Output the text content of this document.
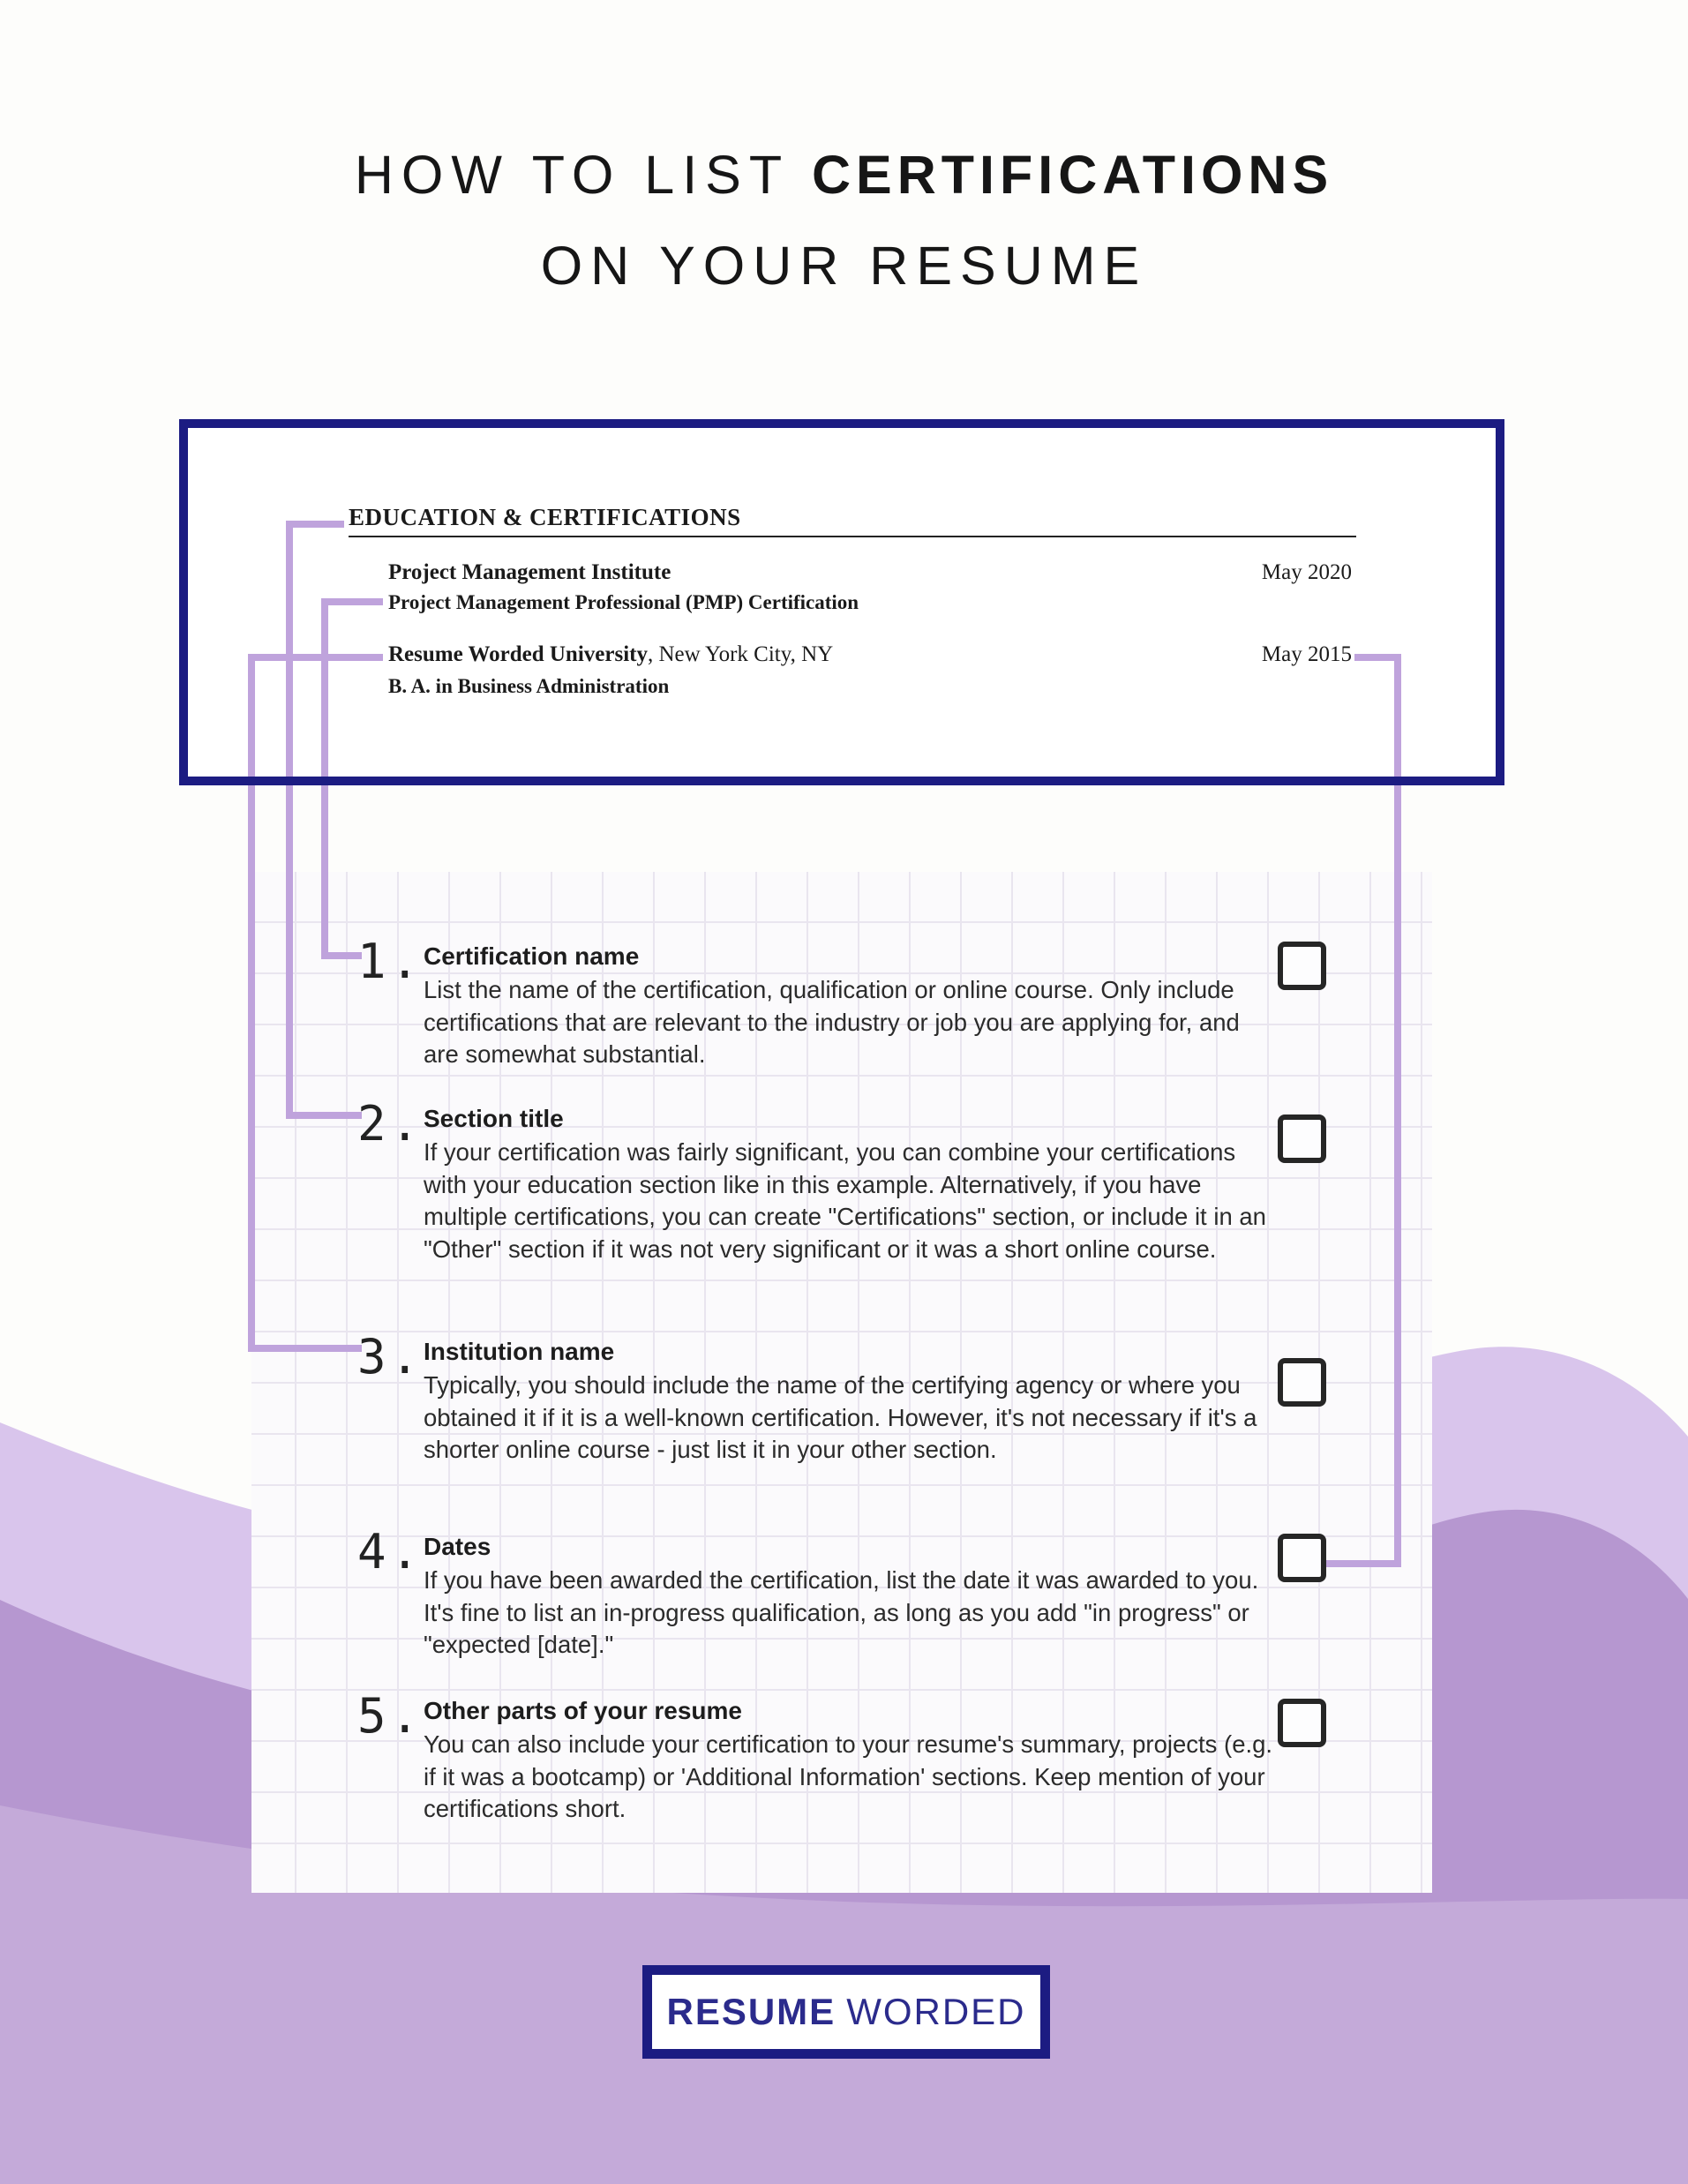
HOW TO LIST CERTIFICATIONS
ON YOUR RESUME
EDUCATION & CERTIFICATIONS
Project Management Institute	May 2020
Project Management Professional (PMP) Certification
Resume Worded University, New York City, NY	May 2015
B. A. in Business Administration
1. Certification name
List the name of the certification, qualification or online course. Only include certifications that are relevant to the industry or job you are applying for, and are somewhat substantial.
2. Section title
If your certification was fairly significant, you can combine your certifications with your education section like in this example. Alternatively, if you have multiple certifications, you can create "Certifications" section, or include it in an "Other" section if it was not very significant or it was a short online course.
3. Institution name
Typically, you should include the name of the certifying agency or where you obtained it if it is a well-known certification. However, it's not necessary if it's a shorter online course - just list it in your other section.
4. Dates
If you have been awarded the certification, list the date it was awarded to you. It's fine to list an in-progress qualification, as long as you add "in progress" or "expected [date]."
5. Other parts of your resume
You can also include your certification to your resume's summary, projects (e.g. if it was a bootcamp) or 'Additional Information' sections. Keep mention of your certifications short.
RESUME WORDED
